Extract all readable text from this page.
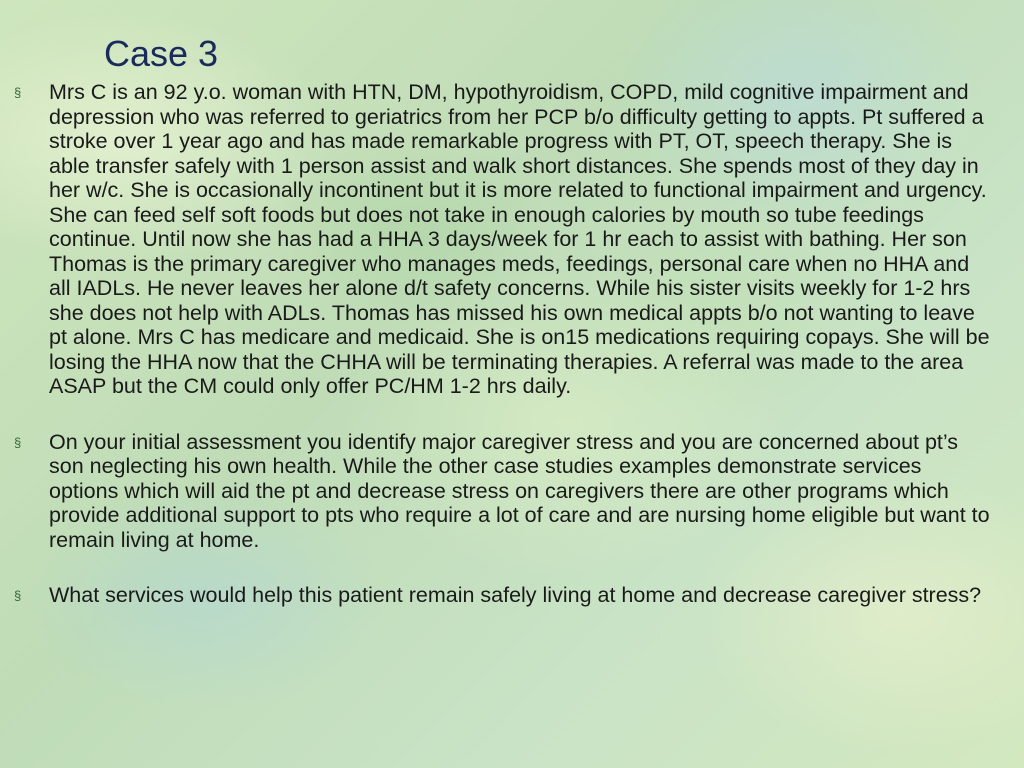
Case 3

§ Mrs C is an 92 y.o. woman with HTN, DM, hypothyroidism, COPD, mild cognitive impairment and depression who was referred to geriatrics from her PCP b/o difficulty getting to appts. Pt suffered a stroke over 1 year ago and has made remarkable progress with PT, OT, speech therapy. She is able transfer safely with 1 person assist and walk short distances. She spends most of they day in her w/c. She is occasionally incontinent but it is more related to functional impairment and urgency. She can feed self soft foods but does not take in enough calories by mouth so tube feedings continue. Until now she has had a HHA 3 days/week for 1 hr each to assist with bathing. Her son Thomas is the primary caregiver who manages meds, feedings, personal care when no HHA and all IADLs. He never leaves her alone d/t safety concerns. While his sister visits weekly for 1-2 hrs she does not help with ADLs. Thomas has missed his own medical appts b/o not wanting to leave pt alone. Mrs C has medicare and medicaid. She is on15 medications requiring copays. She will be losing the HHA now that the CHHA will be terminating therapies. A referral was made to the area ASAP but the CM could only offer PC/HM 1-2 hrs daily.

§ On your initial assessment you identify major caregiver stress and you are concerned about pt’s son neglecting his own health. While the other case studies examples demonstrate services options which will aid the pt and decrease stress on caregivers there are other programs which provide additional support to pts who require a lot of care and are nursing home eligible but want to remain living at home.

§ What services would help this patient remain safely living at home and decrease caregiver stress?
